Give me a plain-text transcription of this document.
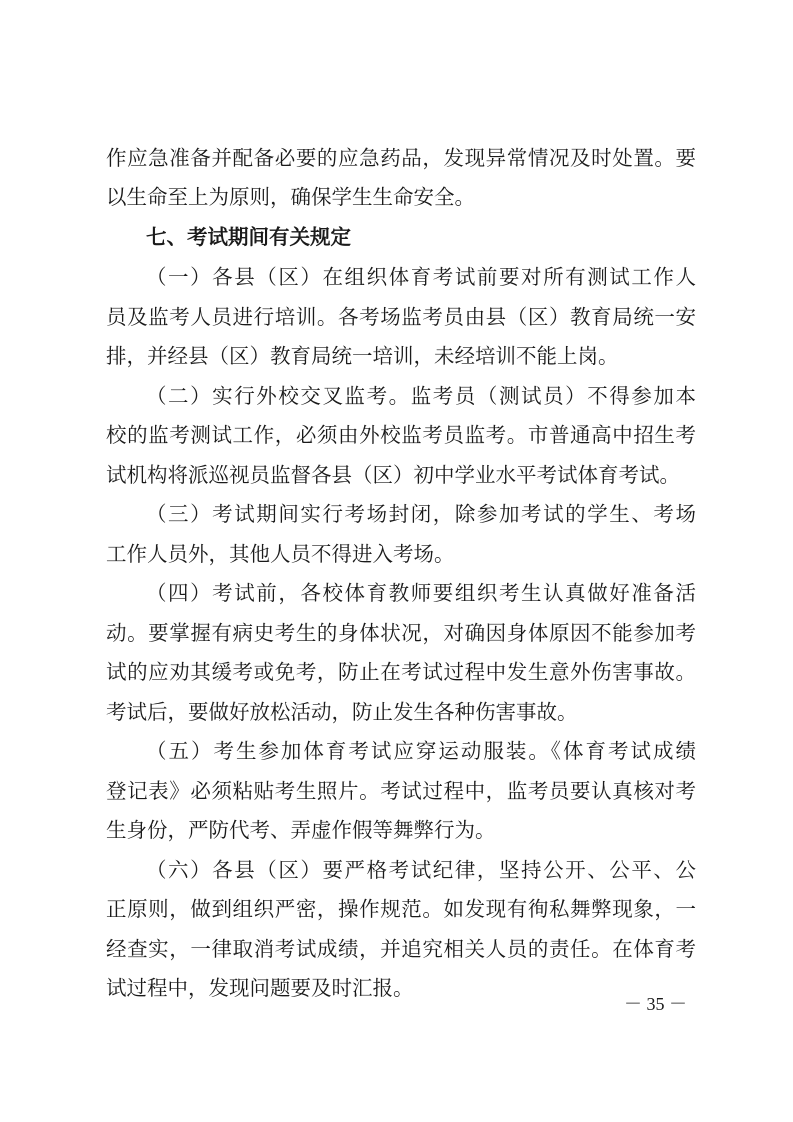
作应急准备并配备必要的应急药品，发现异常情况及时处置。要
以生命至上为原则，确保学生生命安全。
七、考试期间有关规定
（一）各县（区）在组织体育考试前要对所有测试工作人
员及监考人员进行培训。各考场监考员由县（区）教育局统一安
排，并经县（区）教育局统一培训，未经培训不能上岗。
（二）实行外校交叉监考。监考员（测试员）不得参加本
校的监考测试工作，必须由外校监考员监考。市普通高中招生考
试机构将派巡视员监督各县（区）初中学业水平考试体育考试。
（三）考试期间实行考场封闭，除参加考试的学生、考场
工作人员外，其他人员不得进入考场。
（四）考试前，各校体育教师要组织考生认真做好准备活
动。要掌握有病史考生的身体状况，对确因身体原因不能参加考
试的应劝其缓考或免考，防止在考试过程中发生意外伤害事故。
考试后，要做好放松活动，防止发生各种伤害事故。
（五）考生参加体育考试应穿运动服装。《体育考试成绩
登记表》必须粘贴考生照片。考试过程中，监考员要认真核对考
生身份，严防代考、弄虚作假等舞弊行为。
（六）各县（区）要严格考试纪律，坚持公开、公平、公
正原则，做到组织严密，操作规范。如发现有徇私舞弊现象，一
经查实，一律取消考试成绩，并追究相关人员的责任。在体育考
试过程中，发现问题要及时汇报。
－ 35 －
